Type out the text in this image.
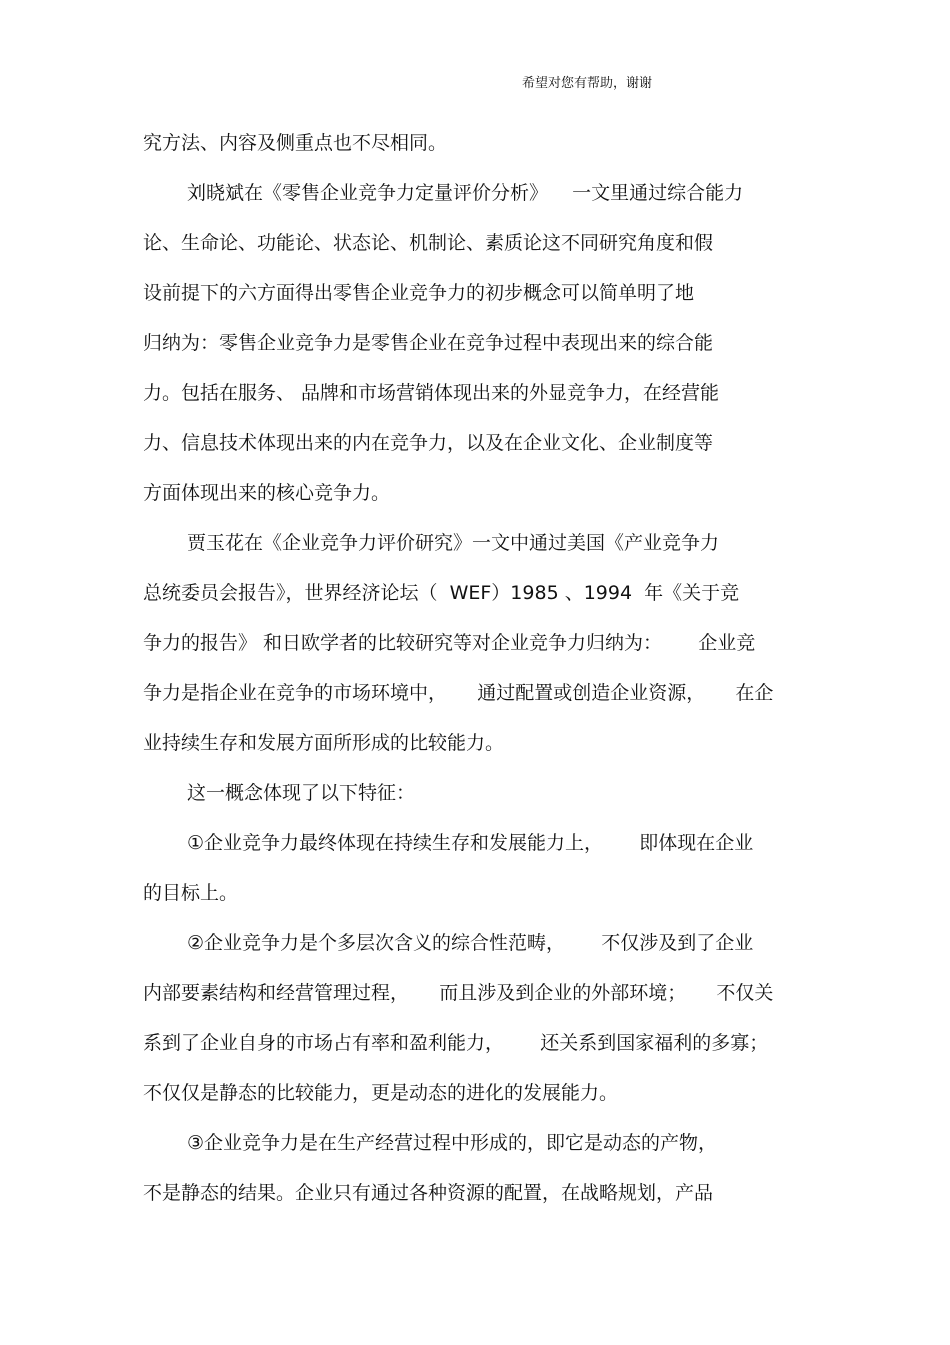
希望对您有帮助，谢谢
究方法、内容及侧重点也不尽相同。
刘晓斌在《零售企业竞争力定量评价分析》    一文里通过综合能力
论、生命论、功能论、状态论、机制论、素质论这不同研究角度和假
设前提下的六方面得出零售企业竞争力的初步概念可以简单明了地
归纳为：零售企业竞争力是零售企业在竞争过程中表现出来的综合能
力。包括在服务、 品牌和市场营销体现出来的外显竞争力，在经营能
力、信息技术体现出来的内在竞争力，以及在企业文化、企业制度等
方面体现出来的核心竞争力。
贾玉花在《企业竞争力评价研究》一文中通过美国《产业竞争力
总统委员会报告》，世界经济论坛（  WEF）1985 、1994  年《关于竞
争力的报告》 和日欧学者的比较研究等对企业竞争力归纳为：      企业竞
争力是指企业在竞争的市场环境中，     通过配置或创造企业资源，     在企
业持续生存和发展方面所形成的比较能力。
这一概念体现了以下特征：
①企业竞争力最终体现在持续生存和发展能力上，      即体现在企业
的目标上。
②企业竞争力是个多层次含义的综合性范畴，      不仅涉及到了企业
内部要素结构和经营管理过程，     而且涉及到企业的外部环境；     不仅关
系到了企业自身的市场占有率和盈利能力，      还关系到国家福利的多寡；
不仅仅是静态的比较能力，更是动态的进化的发展能力。
③企业竞争力是在生产经营过程中形成的，即它是动态的产物，
不是静态的结果。企业只有通过各种资源的配置，在战略规划，产品
